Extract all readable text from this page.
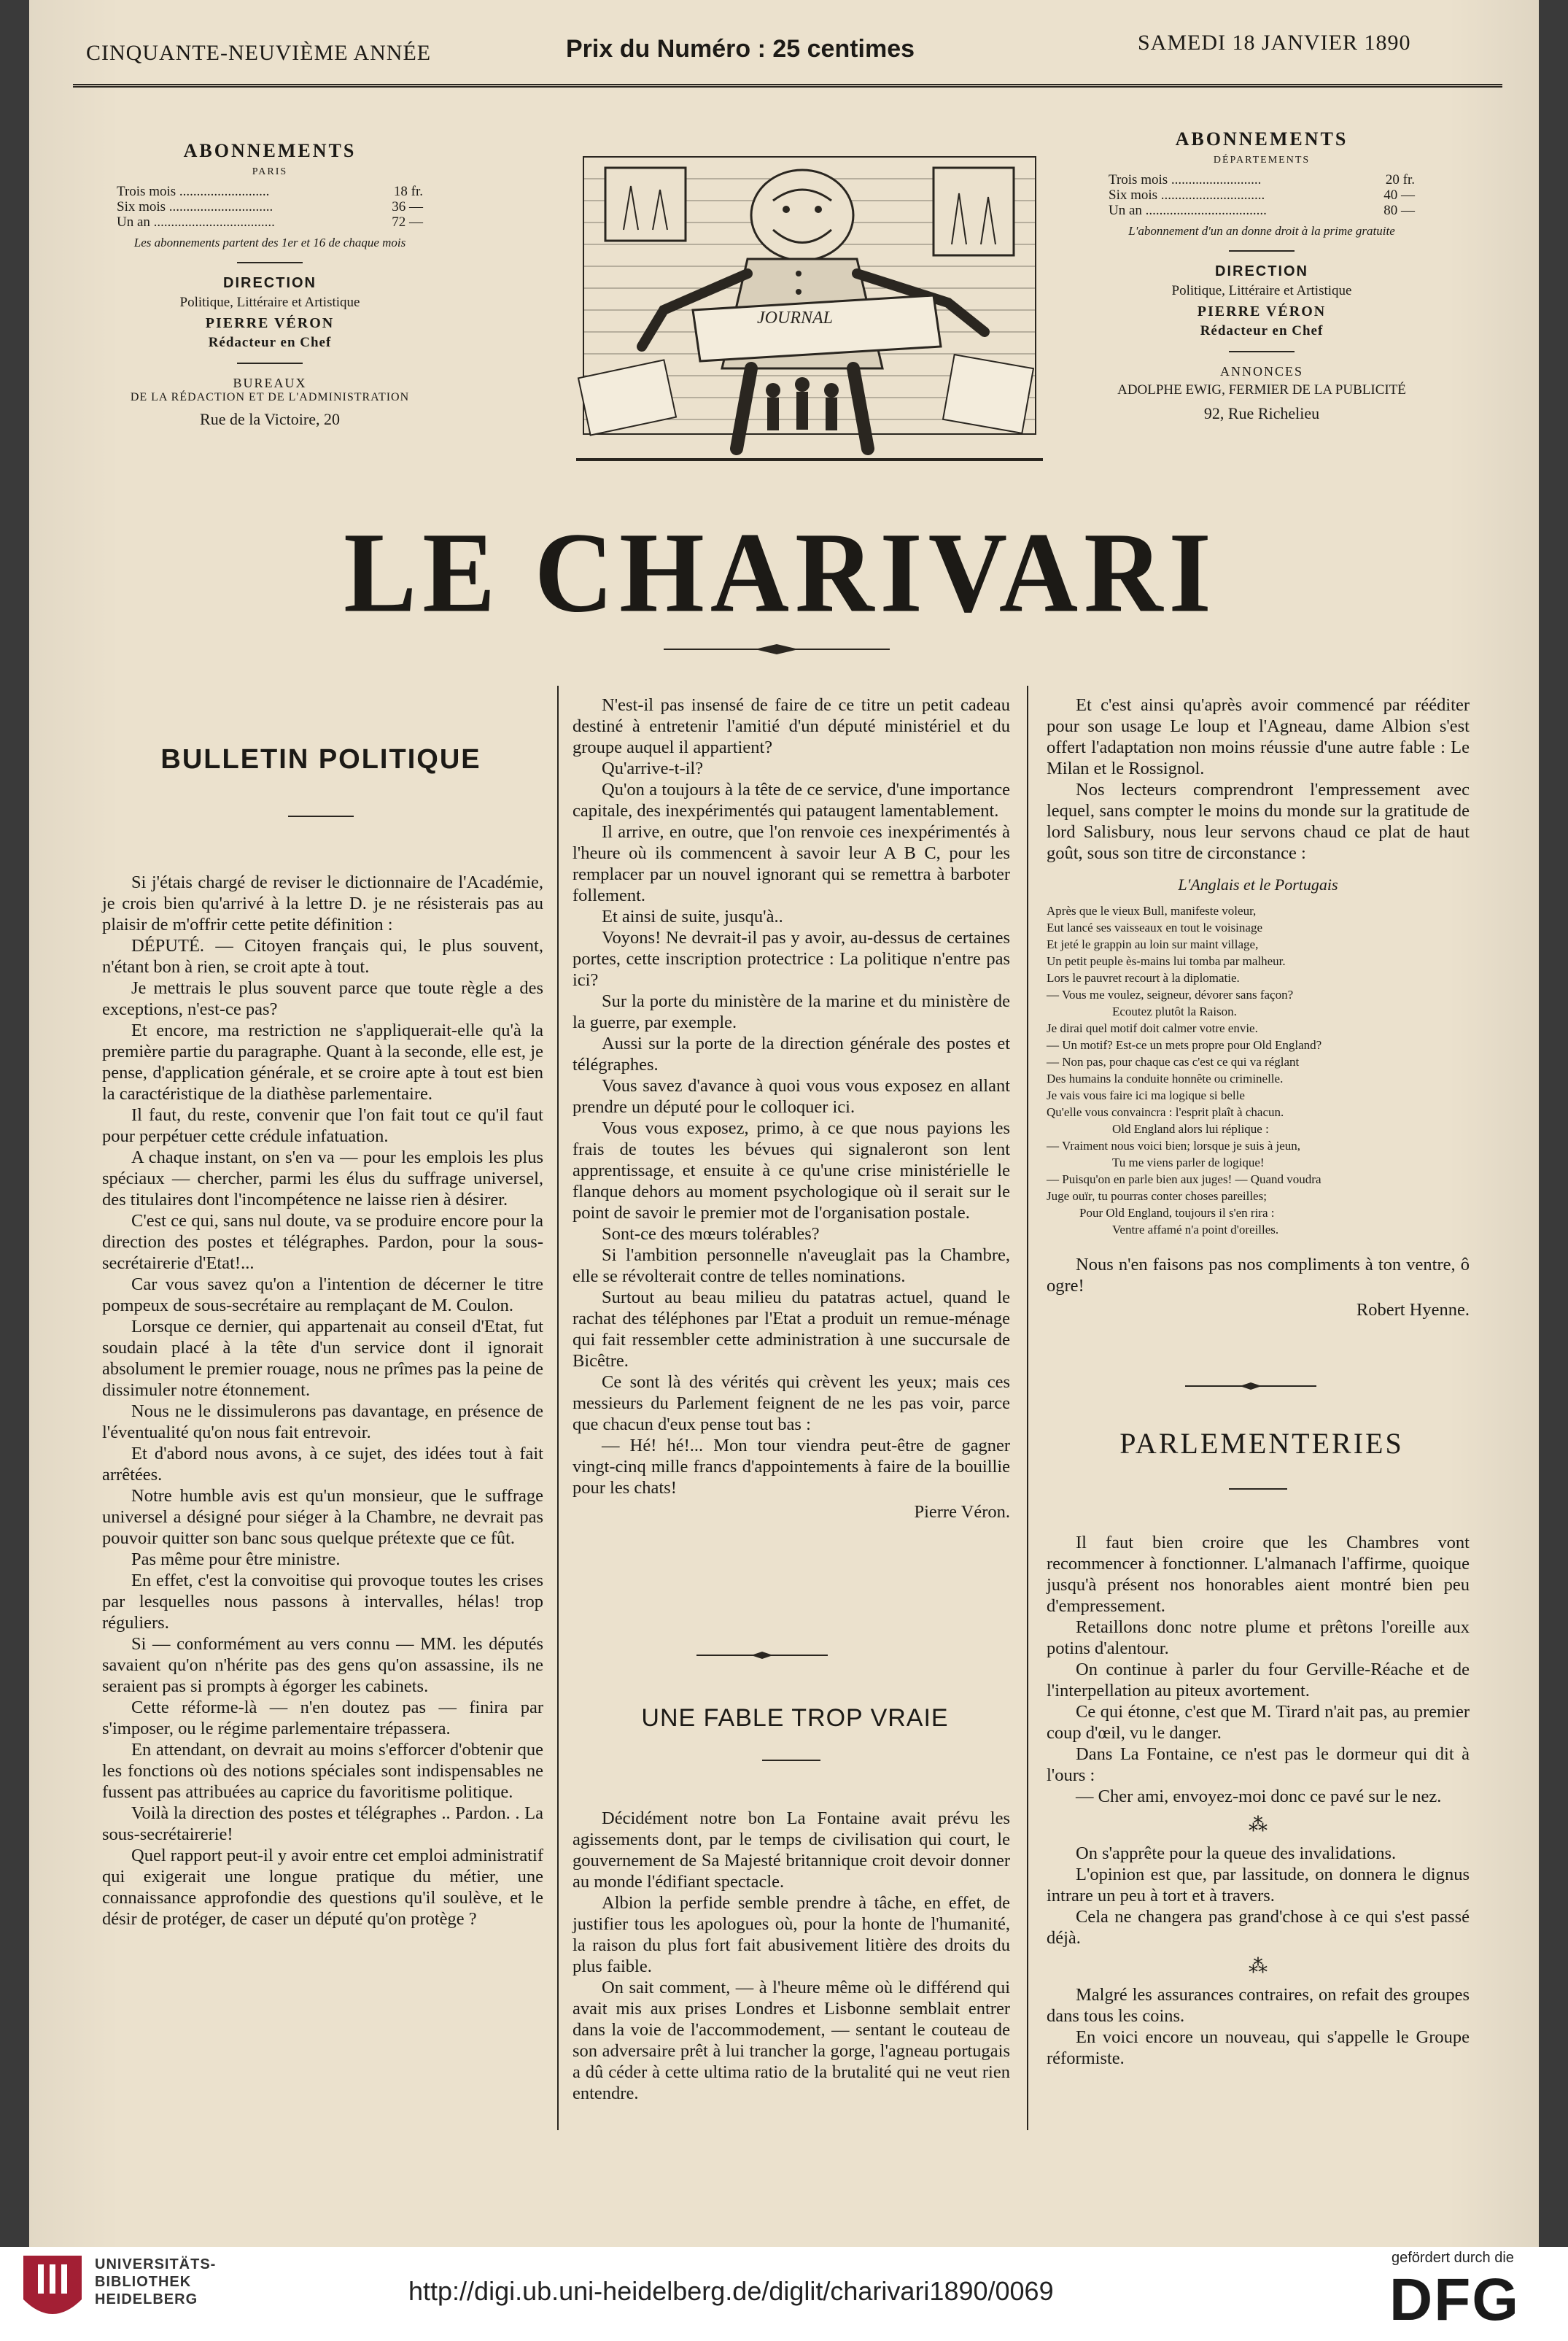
CINQUANTE-NEUVIÈME ANNÉE	Prix du Numéro : 25 centimes	SAMEDI 18 JANVIER 1890
ABONNEMENTS
PARIS
Trois mois ..........................	18 fr.
Six mois ..............................	36 —
Un an ...................................	72 —
Les abonnements partent des 1er et 16 de chaque mois
DIRECTION
Politique, Littéraire et Artistique
PIERRE VÉRON
Rédacteur en Chef
BUREAUX
DE LA RÉDACTION ET DE L'ADMINISTRATION
Rue de la Victoire, 20
JOURNAL
ABONNEMENTS
DÉPARTEMENTS
Trois mois ..........................	20 fr.
Six mois ..............................	40 —
Un an ...................................	80 —
L'abonnement d'un an donne droit à la prime gratuite
DIRECTION
Politique, Littéraire et Artistique
PIERRE VÉRON
Rédacteur en Chef
ANNONCES
ADOLPHE EWIG, FERMIER DE LA PUBLICITÉ
92, Rue Richelieu
LE CHARIVARI
BULLETIN POLITIQUE

Si j'étais chargé de reviser le dictionnaire de l'Académie, je crois bien qu'arrivé à la lettre D. je ne résisterais pas au plaisir de m'offrir cette petite définition :

DÉPUTÉ. — Citoyen français qui, le plus souvent, n'étant bon à rien, se croit apte à tout.

Je mettrais le plus souvent parce que toute règle a des exceptions, n'est-ce pas?

Et encore, ma restriction ne s'appliquerait-elle qu'à la première partie du paragraphe. Quant à la seconde, elle est, je pense, d'application générale, et se croire apte à tout est bien la caractéristique de la diathèse parlementaire.

Il faut, du reste, convenir que l'on fait tout ce qu'il faut pour perpétuer cette crédule infatuation.

A chaque instant, on s'en va — pour les emplois les plus spéciaux — chercher, parmi les élus du suffrage universel, des titulaires dont l'incompétence ne laisse rien à désirer.

C'est ce qui, sans nul doute, va se produire encore pour la direction des postes et télégraphes. Pardon, pour la sous-secrétairerie d'Etat!...

Car vous savez qu'on a l'intention de décerner le titre pompeux de sous-secrétaire au remplaçant de M. Coulon.

Lorsque ce dernier, qui appartenait au conseil d'Etat, fut soudain placé à la tête d'un service dont il ignorait absolument le premier rouage, nous ne prîmes pas la peine de dissimuler notre étonnement.

Nous ne le dissimulerons pas davantage, en présence de l'éventualité qu'on nous fait entrevoir.

Et d'abord nous avons, à ce sujet, des idées tout à fait arrêtées.

Notre humble avis est qu'un monsieur, que le suffrage universel a désigné pour siéger à la Chambre, ne devrait pas pouvoir quitter son banc sous quelque prétexte que ce fût.

Pas même pour être ministre.

En effet, c'est la convoitise qui provoque toutes les crises par lesquelles nous passons à intervalles, hélas! trop réguliers.

Si — conformément au vers connu — MM. les députés savaient qu'on n'hérite pas des gens qu'on assassine, ils ne seraient pas si prompts à égorger les cabinets.

Cette réforme-là — n'en doutez pas — finira par s'imposer, ou le régime parlementaire trépassera.

En attendant, on devrait au moins s'efforcer d'obtenir que les fonctions où des notions spéciales sont indispensables ne fussent pas attribuées au caprice du favoritisme politique.

Voilà la direction des postes et télégraphes .. Pardon. . La sous-secrétairerie!

Quel rapport peut-il y avoir entre cet emploi administratif qui exigerait une longue pratique du métier, une connaissance approfondie des questions qu'il soulève, et le désir de protéger, de caser un député qu'on protège ?

N'est-il pas insensé de faire de ce titre un petit cadeau destiné à entretenir l'amitié d'un député ministériel et du groupe auquel il appartient?

Qu'arrive-t-il?

Qu'on a toujours à la tête de ce service, d'une importance capitale, des inexpérimentés qui pataugent lamentablement.

Il arrive, en outre, que l'on renvoie ces inexpérimentés à l'heure où ils commencent à savoir leur A B C, pour les remplacer par un nouvel ignorant qui se remettra à barboter follement.

Et ainsi de suite, jusqu'à..

Voyons! Ne devrait-il pas y avoir, au-dessus de certaines portes, cette inscription protectrice : La politique n'entre pas ici?

Sur la porte du ministère de la marine et du ministère de la guerre, par exemple.

Aussi sur la porte de la direction générale des postes et télégraphes.

Vous savez d'avance à quoi vous vous exposez en allant prendre un député pour le colloquer ici.

Vous vous exposez, primo, à ce que nous payions les frais de toutes les bévues qui signaleront son lent apprentissage, et ensuite à ce qu'une crise ministérielle le flanque dehors au moment psychologique où il serait sur le point de savoir le premier mot de l'organisation postale.

Sont-ce des mœurs tolérables?

Si l'ambition personnelle n'aveuglait pas la Chambre, elle se révolterait contre de telles nominations.

Surtout au beau milieu du patatras actuel, quand le rachat des téléphones par l'Etat a produit un remue-ménage qui fait ressembler cette administration à une succursale de Bicêtre.

Ce sont là des vérités qui crèvent les yeux; mais ces messieurs du Parlement feignent de ne les pas voir, parce que chacun d'eux pense tout bas :

— Hé! hé!... Mon tour viendra peut-être de gagner vingt-cinq mille francs d'appointements à faire de la bouillie pour les chats!

Pierre Véron.

UNE FABLE TROP VRAIE

Décidément notre bon La Fontaine avait prévu les agissements dont, par le temps de civilisation qui court, le gouvernement de Sa Majesté britannique croit devoir donner au monde l'édifiant spectacle.

Albion la perfide semble prendre à tâche, en effet, de justifier tous les apologues où, pour la honte de l'humanité, la raison du plus fort fait abusivement litière des droits du plus faible.

On sait comment, — à l'heure même où le différend qui avait mis aux prises Londres et Lisbonne semblait entrer dans la voie de l'accommodement, — sentant le couteau de son adversaire prêt à lui trancher la gorge, l'agneau portugais a dû céder à cette ultima ratio de la brutalité qui ne veut rien entendre.

Et c'est ainsi qu'après avoir commencé par rééditer pour son usage Le loup et l'Agneau, dame Albion s'est offert l'adaptation non moins réussie d'une autre fable : Le Milan et le Rossignol.

Nos lecteurs comprendront l'empressement avec lequel, sans compter le moins du monde sur la gratitude de lord Salisbury, nous leur servons chaud ce plat de haut goût, sous son titre de circonstance :

L'Anglais et le Portugais
Après que le vieux Bull, manifeste voleur,
Eut lancé ses vaisseaux en tout le voisinage
Et jeté le grappin au loin sur maint village,
Un petit peuple ès-mains lui tomba par malheur.
Lors le pauvret recourt à la diplomatie.
— Vous me voulez, seigneur, dévorer sans façon?
Ecoutez plutôt la Raison.
Je dirai quel motif doit calmer votre envie.
— Un motif? Est-ce un mets propre pour Old England?
— Non pas, pour chaque cas c'est ce qui va réglant
Des humains la conduite honnête ou criminelle.
Je vais vous faire ici ma logique si belle
Qu'elle vous convaincra : l'esprit plaît à chacun.
Old England alors lui réplique :
— Vraiment nous voici bien; lorsque je suis à jeun,
Tu me viens parler de logique!
— Puisqu'on en parle bien aux juges! — Quand voudra
Juge ouïr, tu pourras conter choses pareilles;
Pour Old England, toujours il s'en rira :
Ventre affamé n'a point d'oreilles.

Nous n'en faisons pas nos compliments à ton ventre, ô ogre!

Robert Hyenne.

PARLEMENTERIES

Il faut bien croire que les Chambres vont recommencer à fonctionner. L'almanach l'affirme, quoique jusqu'à présent nos honorables aient montré bien peu d'empressement.

Retaillons donc notre plume et prêtons l'oreille aux potins d'alentour.

On continue à parler du four Gerville-Réache et de l'interpellation au piteux avortement.

Ce qui étonne, c'est que M. Tirard n'ait pas, au premier coup d'œil, vu le danger.

Dans La Fontaine, ce n'est pas le dormeur qui dit à l'ours :

— Cher ami, envoyez-moi donc ce pavé sur le nez.

⁂

On s'apprête pour la queue des invalidations.

L'opinion est que, par lassitude, on donnera le dignus intrare un peu à tort et à travers.

Cela ne changera pas grand'chose à ce qui s'est passé déjà.

⁂

Malgré les assurances contraires, on refait des groupes dans tous les coins.

En voici encore un nouveau, qui s'appelle le Groupe réformiste.

UNIVERSITÄTS-
BIBLIOTHEK
HEIDELBERG	http://digi.ub.uni-heidelberg.de/diglit/charivari1890/0069
gefördert durch die
DFG
